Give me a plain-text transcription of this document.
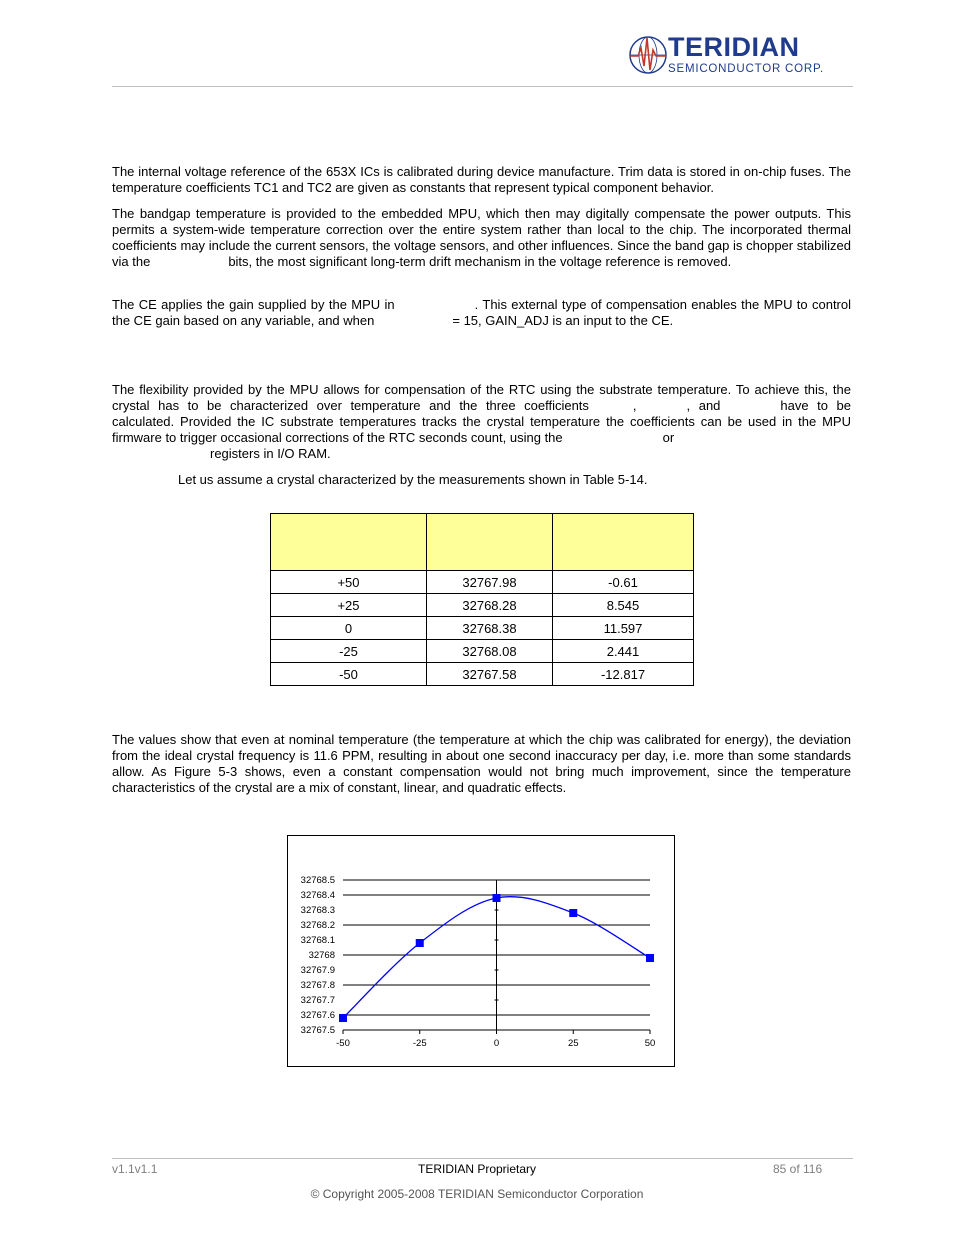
TERIDIAN
SEMICONDUCTOR CORP.

The internal voltage reference of the 653X ICs is calibrated during device manufacture. Trim data is stored in on-chip fuses. The temperature coefficients TC1 and TC2 are given as constants that represent typical component behavior.

The bandgap temperature is provided to the embedded MPU, which then may digitally compensate the power outputs. This permits a system-wide temperature correction over the entire system rather than local to the chip. The incorporated thermal coefficients may include the current sensors, the voltage sensors, and other influences. Since the band gap is chopper stabilized via the	bits, the most significant long-term drift mechanism in the voltage reference is removed.

The CE applies the gain supplied by the MPU in	. This external type of compensation enables the MPU to control the CE gain based on any variable, and when	= 15, GAIN_ADJ is an input to the CE.

The flexibility provided by the MPU allows for compensation of the RTC using the substrate temperature. To achieve this, the crystal has to be characterized over temperature and the three coefficients	,	, and	have to be calculated. Provided the IC substrate temperatures tracks the crystal temperature the coefficients can be used in the MPU firmware to trigger occasional corrections of the RTC seconds count, using the	or
registers in I/O RAM.

Let us assume a crystal characterized by the measurements shown in Table 5-14.

+50	32767.98	-0.61
+25	32768.28	8.545
0	32768.38	11.597
-25	32768.08	2.441
-50	32767.58	-12.817

The values show that even at nominal temperature (the temperature at which the chip was calibrated for energy), the deviation from the ideal crystal frequency is 11.6 PPM, resulting in about one second inaccuracy per day, i.e. more than some standards allow. As Figure 5-3 shows, even a constant compensation would not bring much improvement, since the temperature characteristics of the crystal are a mix of constant, linear, and quadratic effects.

32767.5
32767.6
32767.7
32767.8
32767.9
32768
32768.1
32768.2
32768.3
32768.4
32768.5
-50	-25	0	25	50
v1.1v1.1	TERIDIAN Proprietary	85 of 116
© Copyright 2005-2008 TERIDIAN Semiconductor Corporation
